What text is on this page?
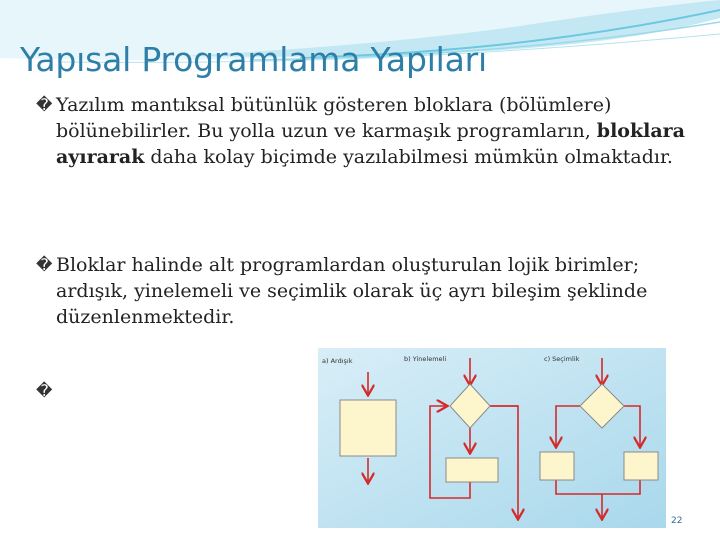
Yapısal Programlama Yapıları
� Yazılım mantıksal bütünlük gösteren bloklara (bölümlere) bölünebilirler. Bu yolla uzun ve karmaşık programların, bloklara ayırarak daha kolay biçimde yazılabilmesi mümkün olmaktadır.
� Bloklar halinde alt programlardan oluşturulan lojik birimler; ardışık, yinelemeli ve seçimlik olarak üç ayrı bileşim şeklinde düzenlenmektedir.
�
a) Ardışık	b) Yinelemeli	c) Seçimlik
22
